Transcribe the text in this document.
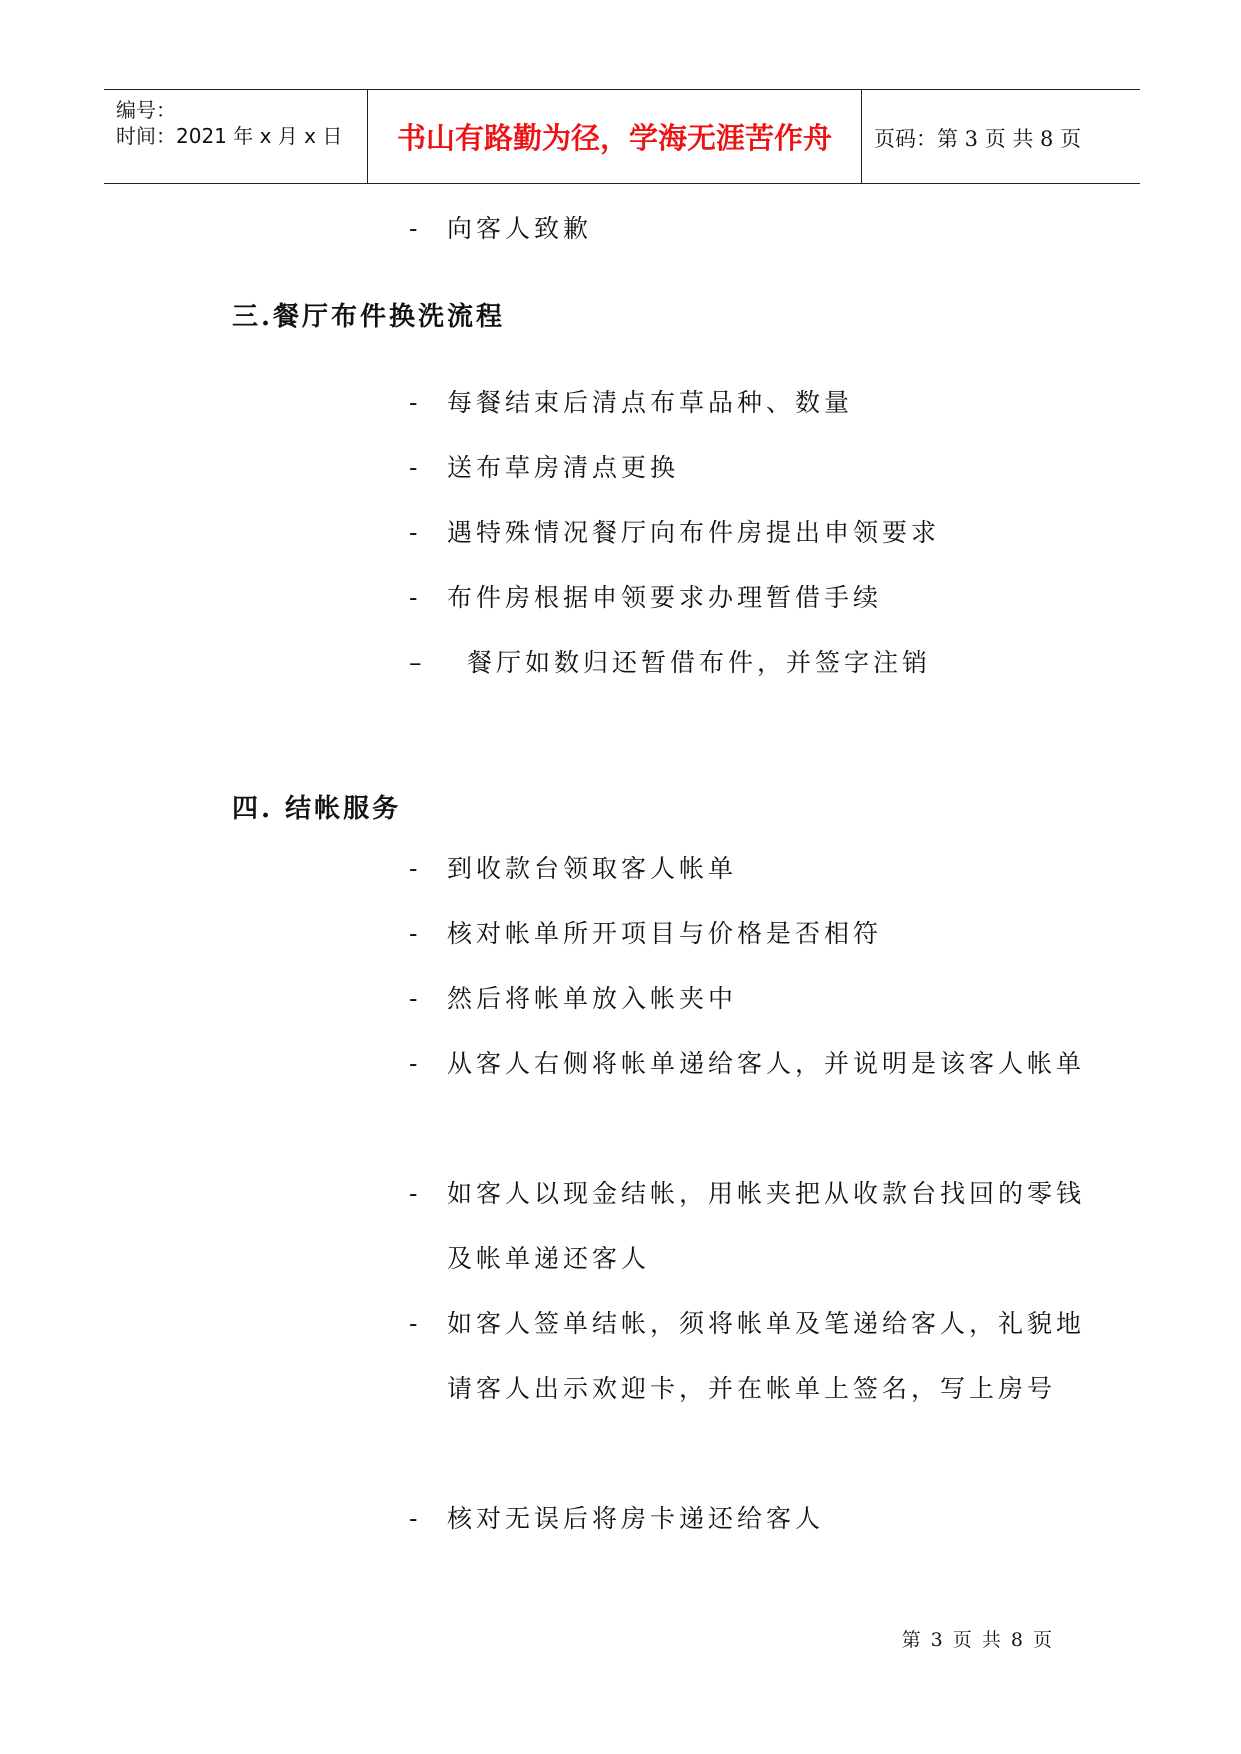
编号：
时间：2021 年 x 月 x 日	书山有路勤为径，学海无涯苦作舟	页码：第 3 页 共 8 页
- 向客人致歉
三.餐厅布件换洗流程
- 每餐结束后清点布草品种、数量
- 送布草房清点更换
- 遇特殊情况餐厅向布件房提出申领要求
- 布件房根据申领要求办理暂借手续
– 餐厅如数归还暂借布件，并签字注销
四. 结帐服务
- 到收款台领取客人帐单
- 核对帐单所开项目与价格是否相符
- 然后将帐单放入帐夹中
- 从客人右侧将帐单递给客人，并说明是该客人帐单
- 如客人以现金结帐，用帐夹把从收款台找回的零钱及帐单递还客人
- 如客人签单结帐，须将帐单及笔递给客人，礼貌地请客人出示欢迎卡，并在帐单上签名，写上房号
- 核对无误后将房卡递还给客人
第 3 页 共 8 页
